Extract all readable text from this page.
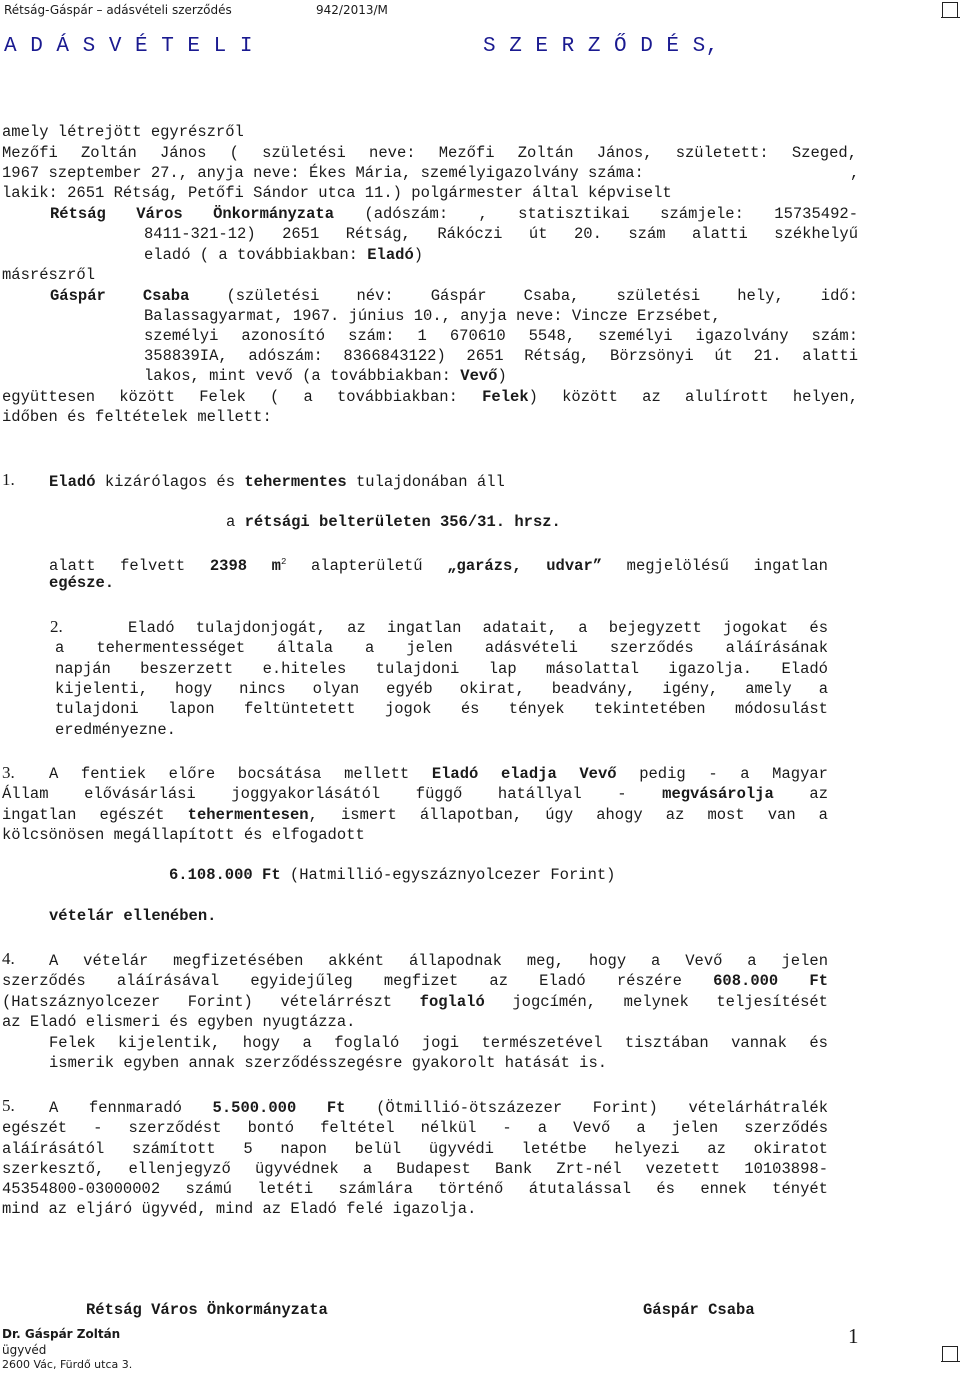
Rétság-Gáspár – adásvételi szerződés	942/2013/M
A D Á S V É T E L I	S Z E R Z Ő D É S,
amely létrejött egyrészről
Mezőfi Zoltán János ( születési neve: Mezőfi Zoltán János, született: Szeged,
1967 szeptember 27., anyja neve: Ékes Mária, személyigazolvány száma:	,
lakik: 2651 Rétság, Petőfi Sándor utca 11.) polgármester által képviselt
Rétság Város Önkormányzata (adószám: , statisztikai számjele: 15735492-
8411-321-12) 2651 Rétság, Rákóczi út 20. szám alatti székhelyű
eladó ( a továbbiakban: Eladó)
másrészről
Gáspár Csaba (születési név: Gáspár Csaba, születési hely, idő:
Balassagyarmat, 1967. június 10., anyja neve: Vincze Erzsébet,
személyi azonosító szám: 1 670610 5548, személyi igazolvány szám:
358839IA, adószám: 8366843122) 2651 Rétság, Börzsönyi út 21. alatti
lakos, mint vevő (a továbbiakban: Vevő)
együttesen között Felek ( a továbbiakban: Felek) között az alulírott helyen,
időben és feltételek mellett:
1. Eladó kizárólagos és tehermentes tulajdonában áll
a rétsági belterületen 356/31. hrsz.
alatt felvett 2398 $m^2$ alapterületű „garázs, udvar” megjelölésű ingatlan
egésze.
2.	Eladó tulajdonjogát, az ingatlan adatait, a bejegyzett jogokat és
a tehermentességet általa a jelen adásvételi szerződés aláírásának
napján beszerzett e.hiteles tulajdoni lap másolattal igazolja. Eladó
kijelenti, hogy nincs olyan egyéb okirat, beadvány, igény, amely a
tulajdoni lapon feltüntetett jogok és tények tekintetében módosulást
eredményezne.
3. A fentiek előre bocsátása mellett Eladó eladja Vevő pedig - a Magyar
Állam elővásárlási joggyakorlásától függő hatállyal - megvásárolja az
ingatlan egészét tehermentesen, ismert állapotban, úgy ahogy az most van a
kölcsönösen megállapított és elfogadott
6.108.000 Ft (Hatmillió-egyszáznyolcezer Forint)
vételár ellenében.
4. A vételár megfizetésében akként állapodnak meg, hogy a Vevő a jelen
szerződés aláírásával egyidejűleg megfizet az Eladó részére 608.000 Ft
(Hatszáznyolcezer Forint) vételárrészt foglaló jogcímén, melynek teljesítését
az Eladó elismeri és egyben nyugtázza.
Felek kijelentik, hogy a foglaló jogi természetével tisztában vannak és
ismerik egyben annak szerződésszegésre gyakorolt hatását is.
5. A fennmaradó 5.500.000 Ft (Ötmillió-ötszázezer Forint) vételárhátralék
egészét - szerződést bontó feltétel nélkül - a Vevő a jelen szerződés
aláírásától számított 5 napon belül ügyvédi letétbe helyezi az okiratot
szerkesztő, ellenjegyző ügyvédnek a Budapest Bank Zrt-nél vezetett 10103898-
45354800-03000002 számú letéti számlára történő átutalással és ennek tényét
mind az eljáró ügyvéd, mind az Eladó felé igazolja.
Rétság Város Önkormányzata	Gáspár Csaba
Dr. Gáspár Zoltán
ügyvéd
2600 Vác, Fürdő utca 3.
1
